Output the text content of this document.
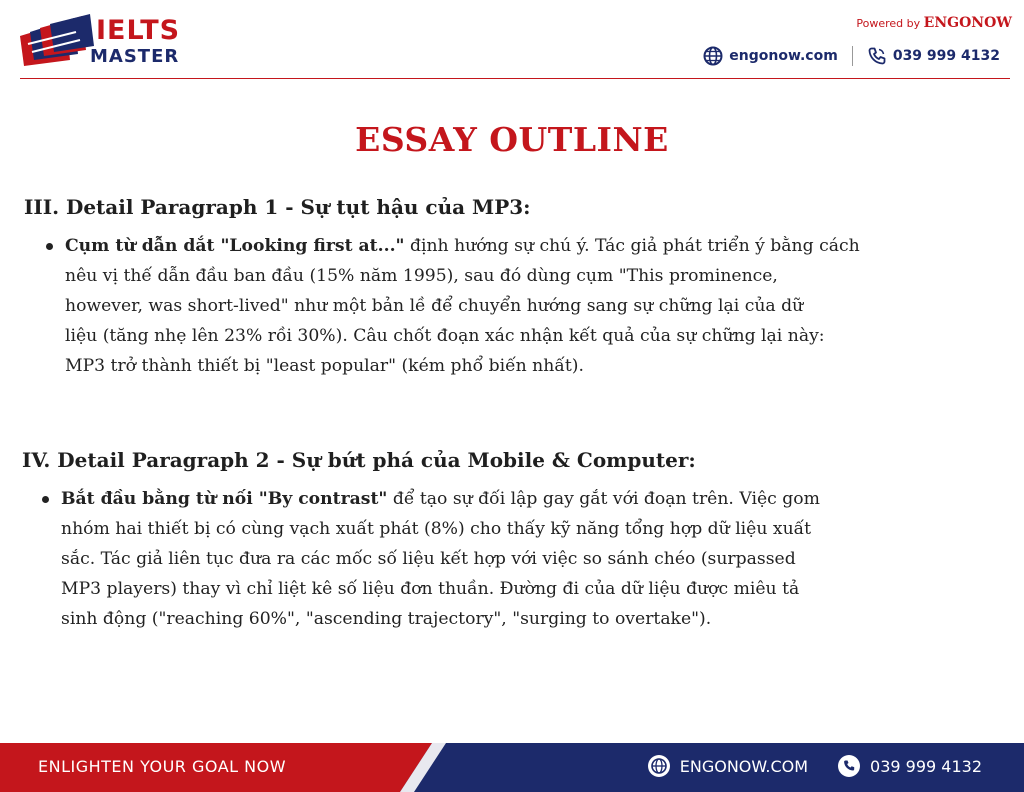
IELTS
MASTER
Powered by ENGONOW
engonow.com	039 999 4132
ESSAY OUTLINE
III. Detail Paragraph 1 - Sự tụt hậu của MP3:
Cụm từ dẫn dắt "Looking first at..." định hướng sự chú ý. Tác giả phát triển ý bằng cách
nêu vị thế dẫn đầu ban đầu (15% năm 1995), sau đó dùng cụm "This prominence,
however, was short-lived" như một bản lề để chuyển hướng sang sự chững lại của dữ
liệu (tăng nhẹ lên 23% rồi 30%). Câu chốt đoạn xác nhận kết quả của sự chững lại này:
MP3 trở thành thiết bị "least popular" (kém phổ biến nhất).
IV. Detail Paragraph 2 - Sự bứt phá của Mobile & Computer:
Bắt đầu bằng từ nối "By contrast" để tạo sự đối lập gay gắt với đoạn trên. Việc gom
nhóm hai thiết bị có cùng vạch xuất phát (8%) cho thấy kỹ năng tổng hợp dữ liệu xuất
sắc. Tác giả liên tục đưa ra các mốc số liệu kết hợp với việc so sánh chéo (surpassed
MP3 players) thay vì chỉ liệt kê số liệu đơn thuần. Đường đi của dữ liệu được miêu tả
sinh động ("reaching 60%", "ascending trajectory", "surging to overtake").
ENLIGHTEN YOUR GOAL NOW	ENGONOW.COM	039 999 4132
